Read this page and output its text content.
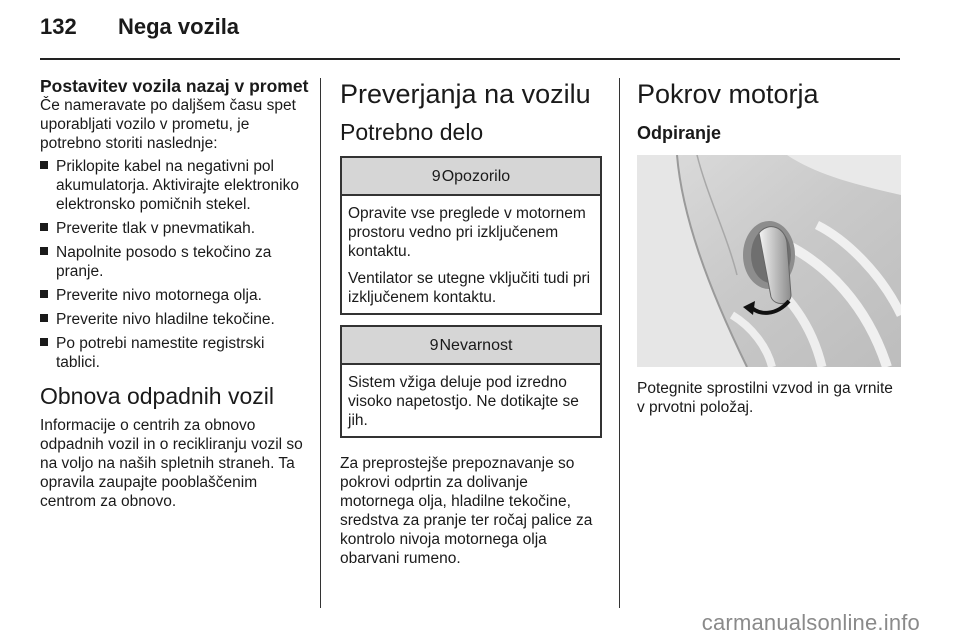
132 Nega vozila
Postavitev vozila nazaj v promet

Če nameravate po daljšem času spet uporabljati vozilo v prometu, je potrebno storiti naslednje:

Priklopite kabel na negativni pol akumulatorja. Aktivirajte elektroniko elektronsko pomičnih stekel.
Preverite tlak v pnevmatikah.
Napolnite posodo s tekočino za pranje.
Preverite nivo motornega olja.
Preverite nivo hladilne tekočine.
Po potrebi namestite registrski tablici.
Obnova odpadnih vozil

Informacije o centrih za obnovo odpadnih vozil in o recikliranju vozil so na voljo na naših spletnih straneh. Ta opravila zaupajte pooblaščenim centrom za obnovo.

Preverjanja na vozilu
Potrebno delo
9 Opozorilo

Opravite vse preglede v motornem prostoru vedno pri izključenem kontaktu.

Ventilator se utegne vključiti tudi pri izključenem kontaktu.

9 Nevarnost

Sistem vžiga deluje pod izredno visoko napetostjo. Ne dotikajte se jih.

Za preprostejše prepoznavanje so pokrovi odprtin za dolivanje motornega olja, hladilne tekočine, sredstva za pranje ter ročaj palice za kontrolo nivoja motornega olja obarvani rumeno.

Pokrov motorja
Odpiranje

Potegnite sprostilni vzvod in ga vrnite v prvotni položaj.

carmanualsonline.info
